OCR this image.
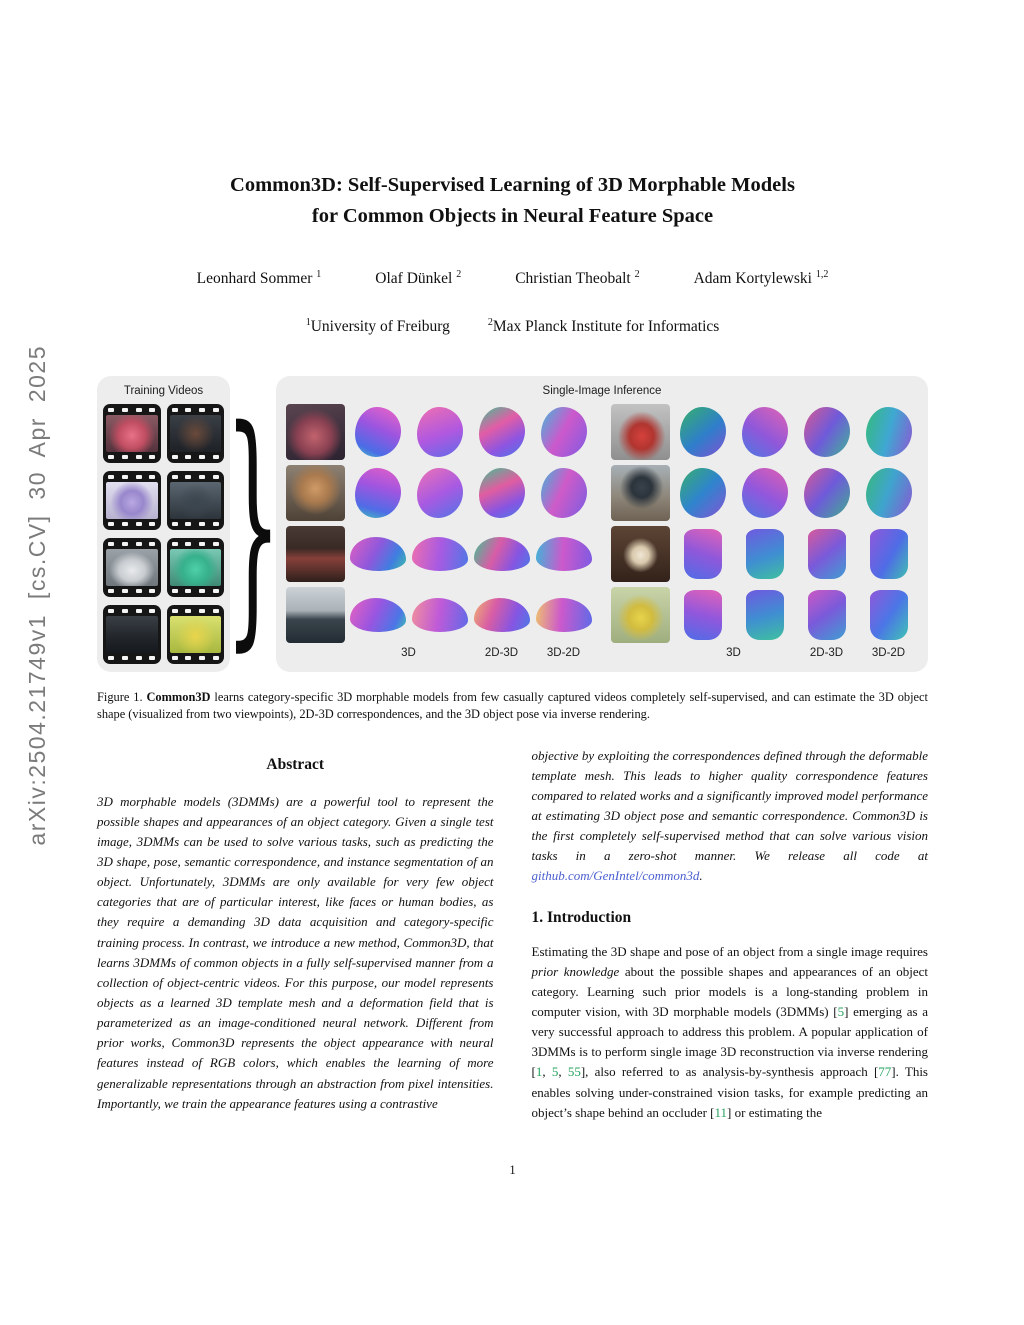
arXiv:2504.21749v1 [cs.CV] 30 Apr 2025
Common3D: Self-Supervised Learning of 3D Morphable Models
for Common Objects in Neural Feature Space
Leonhard Sommer $^1$	Olaf Dünkel $^2$	Christian Theobalt $^2$	Adam Kortylewski $^{1,2}$
$^1$University of Freiburg	$^2$Max Planck Institute for Informatics
Training Videos }	Single-Image Inference
3D	2D-3D	3D-2D	3D	2D-3D	3D-2D

Figure 1. Common3D learns category-specific 3D morphable models from few casually captured videos completely self-supervised, and can estimate the 3D object shape (visualized from two viewpoints), 2D-3D correspondences, and the 3D object pose via inverse rendering.

Abstract

3D morphable models (3DMMs) are a powerful tool to represent the possible shapes and appearances of an object category. Given a single test image, 3DMMs can be used to solve various tasks, such as predicting the 3D shape, pose, semantic correspondence, and instance segmentation of an object. Unfortunately, 3DMMs are only available for very few object categories that are of particular interest, like faces or human bodies, as they require a demanding 3D data acquisition and category-specific training process. In contrast, we introduce a new method, Common3D, that learns 3DMMs of common objects in a fully self-supervised manner from a collection of object-centric videos. For this purpose, our model represents objects as a learned 3D template mesh and a deformation field that is parameterized as an image-conditioned neural network. Different from prior works, Common3D represents the object appearance with neural features instead of RGB colors, which enables the learning of more generalizable representations through an abstraction from pixel intensities. Importantly, we train the appearance features using a contrastive

objective by exploiting the correspondences defined through the deformable template mesh. This leads to higher quality correspondence features compared to related works and a significantly improved model performance at estimating 3D object pose and semantic correspondence. Common3D is the first completely self-supervised method that can solve various vision tasks in a zero-shot manner. We release all code at github.com/GenIntel/common3d.

1. Introduction

Estimating the 3D shape and pose of an object from a single image requires prior knowledge about the possible shapes and appearances of an object category. Learning such prior models is a long-standing problem in computer vision, with 3D morphable models (3DMMs) [5] emerging as a very successful approach to address this problem. A popular application of 3DMMs is to perform single image 3D reconstruction via inverse rendering [1, 5, 55], also referred to as analysis-by-synthesis approach [77]. This enables solving under-constrained vision tasks, for example predicting an object’s shape behind an occluder [11] or estimating the

1
